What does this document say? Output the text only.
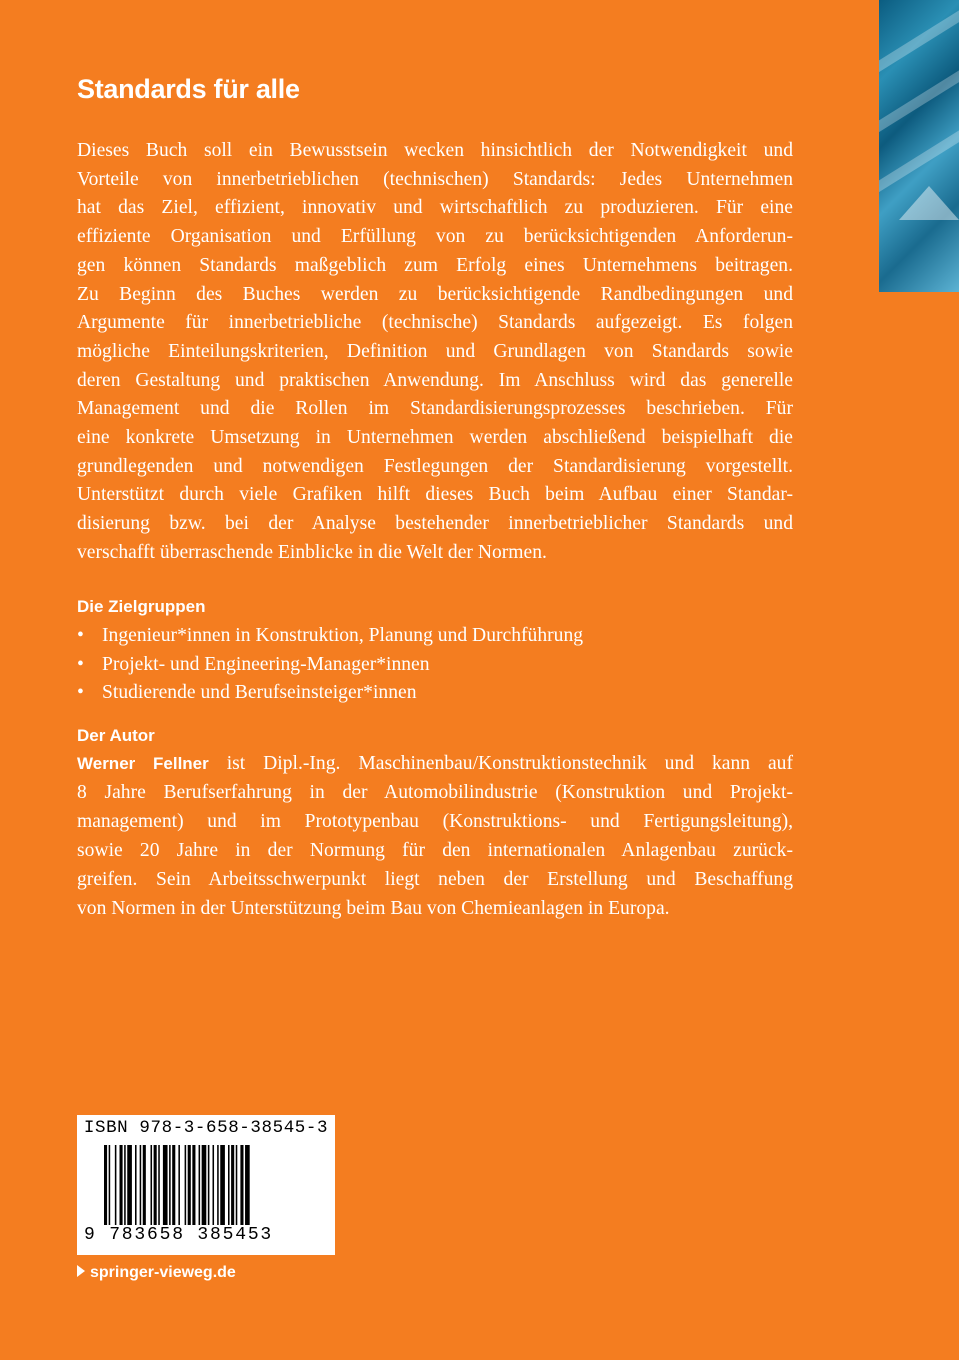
Standards für alle
Dieses Buch soll ein Bewusstsein wecken hinsichtlich der Notwendigkeit und
Vorteile von innerbetrieblichen (technischen) Standards: Jedes Unternehmen
hat das Ziel, effizient, innovativ und wirtschaftlich zu produzieren. Für eine
effiziente Organisation und Erfüllung von zu berücksichtigenden Anforderun-
gen können Standards maßgeblich zum Erfolg eines Unternehmens beitragen.
Zu Beginn des Buches werden zu berücksichtigende Randbedingungen und
Argumente für innerbetriebliche (technische) Standards aufgezeigt. Es folgen
mögliche Einteilungskriterien, Definition und Grundlagen von Standards sowie
deren Gestaltung und praktischen Anwendung. Im Anschluss wird das generelle
Management und die Rollen im Standardisierungsprozesses beschrieben. Für
eine konkrete Umsetzung in Unternehmen werden abschließend beispielhaft die
grundlegenden und notwendigen Festlegungen der Standardisierung vorgestellt.
Unterstützt durch viele Grafiken hilft dieses Buch beim Aufbau einer Standar-
disierung bzw. bei der Analyse bestehender innerbetrieblicher Standards und
verschafft überraschende Einblicke in die Welt der Normen.
Die Zielgruppen
• Ingenieur*innen in Konstruktion, Planung und Durchführung
• Projekt- und Engineering-Manager*innen
• Studierende und Berufseinsteiger*innen
Der Autor
Werner Fellner ist Dipl.-Ing. Maschinenbau/Konstruktionstechnik und kann auf
8 Jahre Berufserfahrung in der Automobilindustrie (Konstruktion und Projekt-
management) und im Prototypenbau (Konstruktions- und Fertigungsleitung),
sowie 20 Jahre in der Normung für den internationalen Anlagenbau zurück-
greifen. Sein Arbeitsschwerpunkt liegt neben der Erstellung und Beschaffung
von Normen in der Unterstützung beim Bau von Chemieanlagen in Europa.
ISBN 978-3-658-38545-3
9 783658 385453
springer-vieweg.de
